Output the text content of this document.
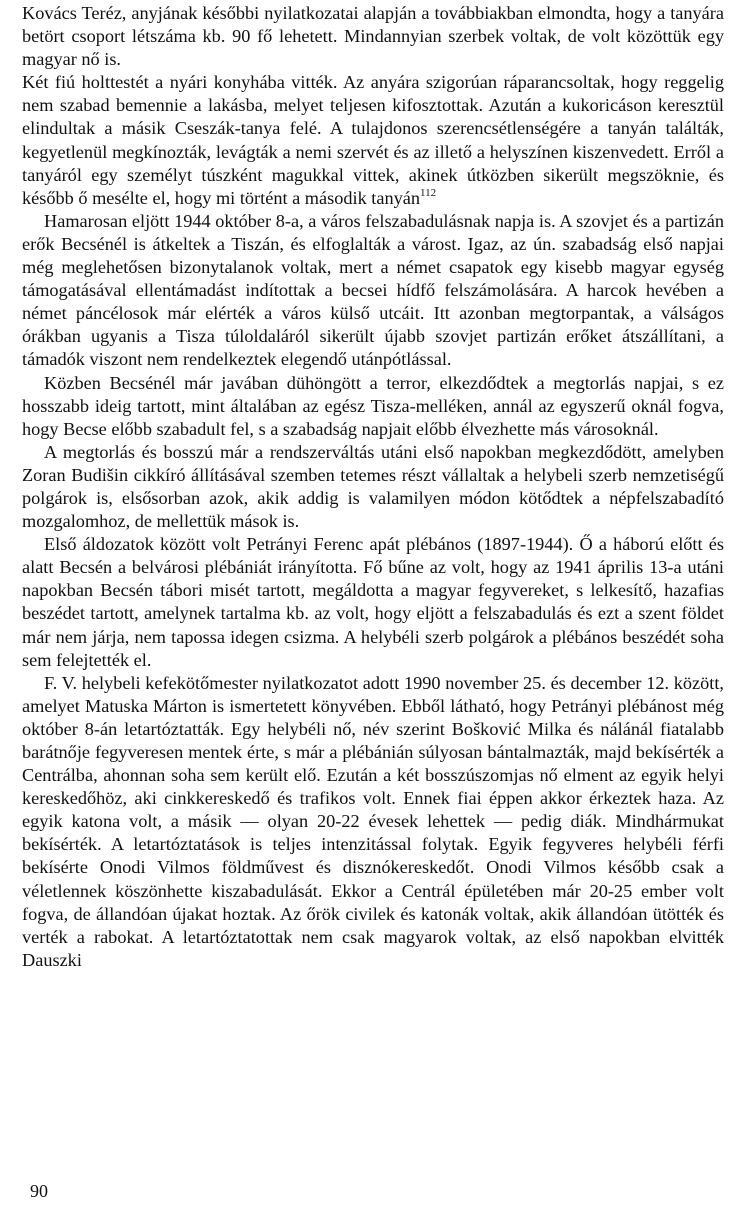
Kovács Teréz, anyjának későbbi nyilatkozatai alapján a továbbiakban elmondta, hogy a tanyára betört csoport létszáma kb. 90 fő lehetett. Mindannyian szerbek voltak, de volt közöttük egy magyar nő is.

Két fiú holttestét a nyári konyhába vitték. Az anyára szigorúan ráparancsoltak, hogy reggelig nem szabad bemennie a lakásba, melyet teljesen kifosztottak. Azután a kukoricáson keresztül elindultak a másik Cseszák-tanya felé. A tulajdonos szerencsétlenségére a tanyán találták, kegyetlenül megkínozták, levágták a nemi szervét és az illető a helyszínen kiszenvedett. Erről a tanyáról egy személyt túszként magukkal vittek, akinek útközben sikerült megszöknie, és később ő mesélte el, hogy mi történt a második tanyán$^{112}$

Hamarosan eljött 1944 október 8-a, a város felszabadulásnak napja is. A szovjet és a partizán erők Becsénél is átkeltek a Tiszán, és elfoglalták a várost. Igaz, az ún. szabadság első napjai még meglehetősen bizonytalanok voltak, mert a német csapatok egy kisebb magyar egység támogatásával ellentámadást indítottak a becsei hídfő felszámolására. A harcok hevében a német páncélosok már elérték a város külső utcáit. Itt azonban megtorpantak, a válságos órákban ugyanis a Tisza túloldaláról sikerült újabb szovjet partizán erőket átszállítani, a támadók viszont nem rendelkeztek elegendő utánpótlással.

Közben Becsénél már javában dühöngött a terror, elkezdődtek a megtorlás napjai, s ez hosszabb ideig tartott, mint általában az egész Tisza-melléken, annál az egyszerű oknál fogva, hogy Becse előbb szabadult fel, s a szabadság napjait előbb élvezhette más városoknál.

A megtorlás és bosszú már a rendszerváltás utáni első napokban megkezdődött, amelyben Zoran Budišin cikkíró állításával szemben tetemes részt vállaltak a helybeli szerb nemzetiségű polgárok is, elsősorban azok, akik addig is valamilyen módon kötődtek a népfelszabadító mozgalomhoz, de mellettük mások is.

Első áldozatok között volt Petrányi Ferenc apát plébános (1897-1944). Ő a háború előtt és alatt Becsén a belvárosi plébániát irányította. Fő bűne az volt, hogy az 1941 április 13-a utáni napokban Becsén tábori misét tartott, megáldotta a magyar fegyvereket, s lelkesítő, hazafias beszédet tartott, amelynek tartalma kb. az volt, hogy eljött a felszabadulás és ezt a szent földet már nem járja, nem tapossa idegen csizma. A helybéli szerb polgárok a plébános beszédét soha sem felejtették el.

F. V. helybeli kefekötőmester nyilatkozatot adott 1990 november 25. és december 12. között, amelyet Matuska Márton is ismertetett könyvében. Ebből látható, hogy Petrányi plébánost még október 8-án letartóztatták. Egy helybéli nő, név szerint Bošković Milka és nálánál fiatalabb barátnője fegyveresen mentek érte, s már a plébánián súlyosan bántalmazták, majd bekísérték a Centrálba, ahonnan soha sem került elő. Ezután a két bosszúszomjas nő elment az egyik helyi kereskedőhöz, aki cinkkereskedő és trafikos volt. Ennek fiai éppen akkor érkeztek haza. Az egyik katona volt, a másik — olyan 20-22 évesek lehettek — pedig diák. Mindhármukat bekísérték. A letartóztatások is teljes intenzitással folytak. Egyik fegyveres helybéli férfi bekísérte Onodi Vilmos földművest és disznókereskedőt. Onodi Vilmos később csak a véletlennek köszönhette kiszabadulását. Ekkor a Centrál épületében már 20-25 ember volt fogva, de állandóan újakat hoztak. Az őrök civilek és katonák voltak, akik állandóan ütötték és verték a rabokat. A letartóztatottak nem csak magyarok voltak, az első napokban elvitték Dauszki

90
